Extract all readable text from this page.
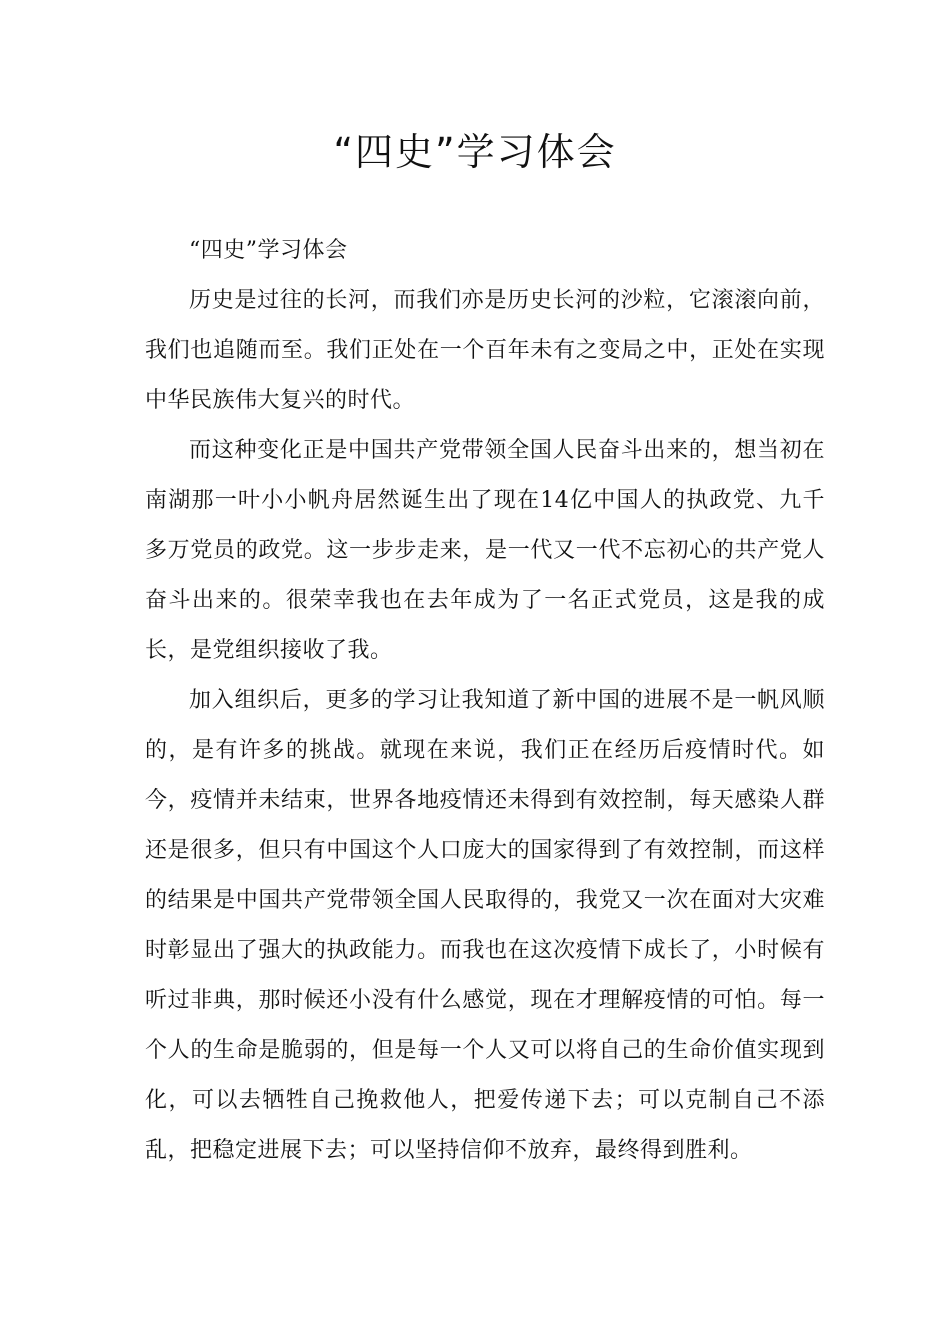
“四史”学习体会

“四史”学习体会

历史是过往的长河，而我们亦是历史长河的沙粒，它滚滚向前，我们也追随而至。我们正处在一个百年未有之变局之中，正处在实现中华民族伟大复兴的时代。

而这种变化正是中国共产党带领全国人民奋斗出来的，想当初在南湖那一叶小小帆舟居然诞生出了现在14亿中国人的执政党、九千多万党员的政党。这一步步走来，是一代又一代不忘初心的共产党人奋斗出来的。很荣幸我也在去年成为了一名正式党员，这是我的成长，是党组织接收了我。

加入组织后，更多的学习让我知道了新中国的进展不是一帆风顺的，是有许多的挑战。就现在来说，我们正在经历后疫情时代。如今，疫情并未结束，世界各地疫情还未得到有效控制，每天感染人群还是很多，但只有中国这个人口庞大的国家得到了有效控制，而这样的结果是中国共产党带领全国人民取得的，我党又一次在面对大灾难时彰显出了强大的执政能力。而我也在这次疫情下成长了，小时候有听过非典，那时候还小没有什么感觉，现在才理解疫情的可怕。每一个人的生命是脆弱的，但是每一个人又可以将自己的生命价值实现到化，可以去牺牲自己挽救他人，把爱传递下去；可以克制自己不添乱，把稳定进展下去；可以坚持信仰不放弃，最终得到胜利。
